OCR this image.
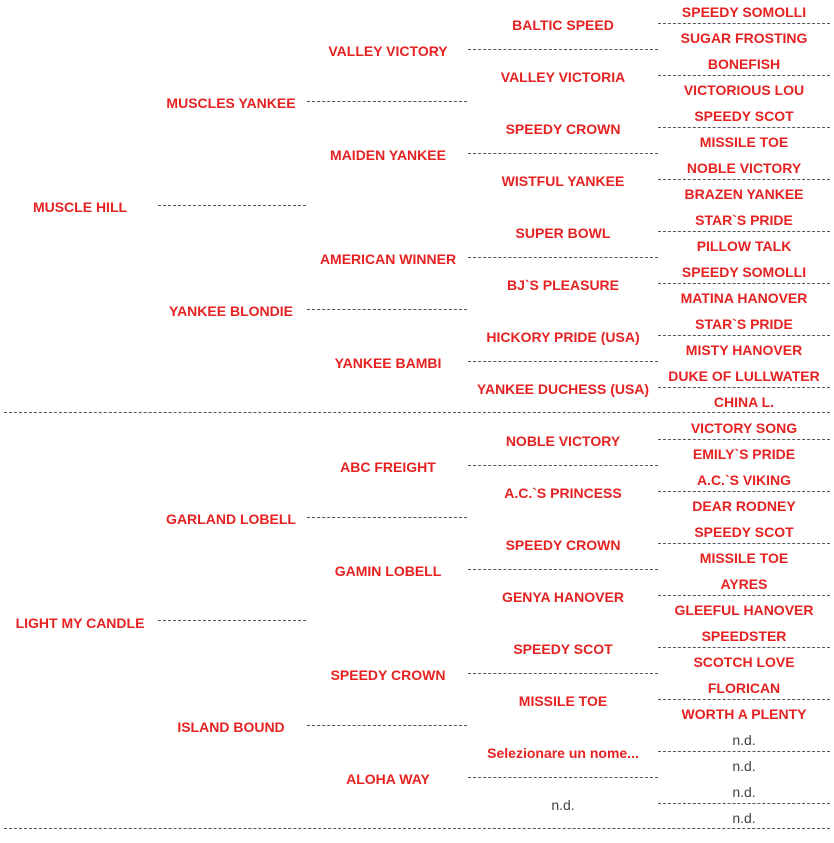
MUSCLE HILL
LIGHT MY CANDLE
MUSCLES YANKEE
YANKEE BLONDIE
GARLAND LOBELL
ISLAND BOUND
VALLEY VICTORY
MAIDEN YANKEE
AMERICAN WINNER
YANKEE BAMBI
ABC FREIGHT
GAMIN LOBELL
SPEEDY CROWN
ALOHA WAY
BALTIC SPEED
VALLEY VICTORIA
SPEEDY CROWN
WISTFUL YANKEE
SUPER BOWL
BJ`S PLEASURE
HICKORY PRIDE (USA)
YANKEE DUCHESS (USA)
NOBLE VICTORY
A.C.`S PRINCESS
SPEEDY CROWN
GENYA HANOVER
SPEEDY SCOT
MISSILE TOE
Selezionare un nome...
n.d.
SPEEDY SOMOLLI
SUGAR FROSTING
BONEFISH
VICTORIOUS LOU
SPEEDY SCOT
MISSILE TOE
NOBLE VICTORY
BRAZEN YANKEE
STAR`S PRIDE
PILLOW TALK
SPEEDY SOMOLLI
MATINA HANOVER
STAR`S PRIDE
MISTY HANOVER
DUKE OF LULLWATER
CHINA L.
VICTORY SONG
EMILY`S PRIDE
A.C.`S VIKING
DEAR RODNEY
SPEEDY SCOT
MISSILE TOE
AYRES
GLEEFUL HANOVER
SPEEDSTER
SCOTCH LOVE
FLORICAN
WORTH A PLENTY
n.d.
n.d.
n.d.
n.d.
